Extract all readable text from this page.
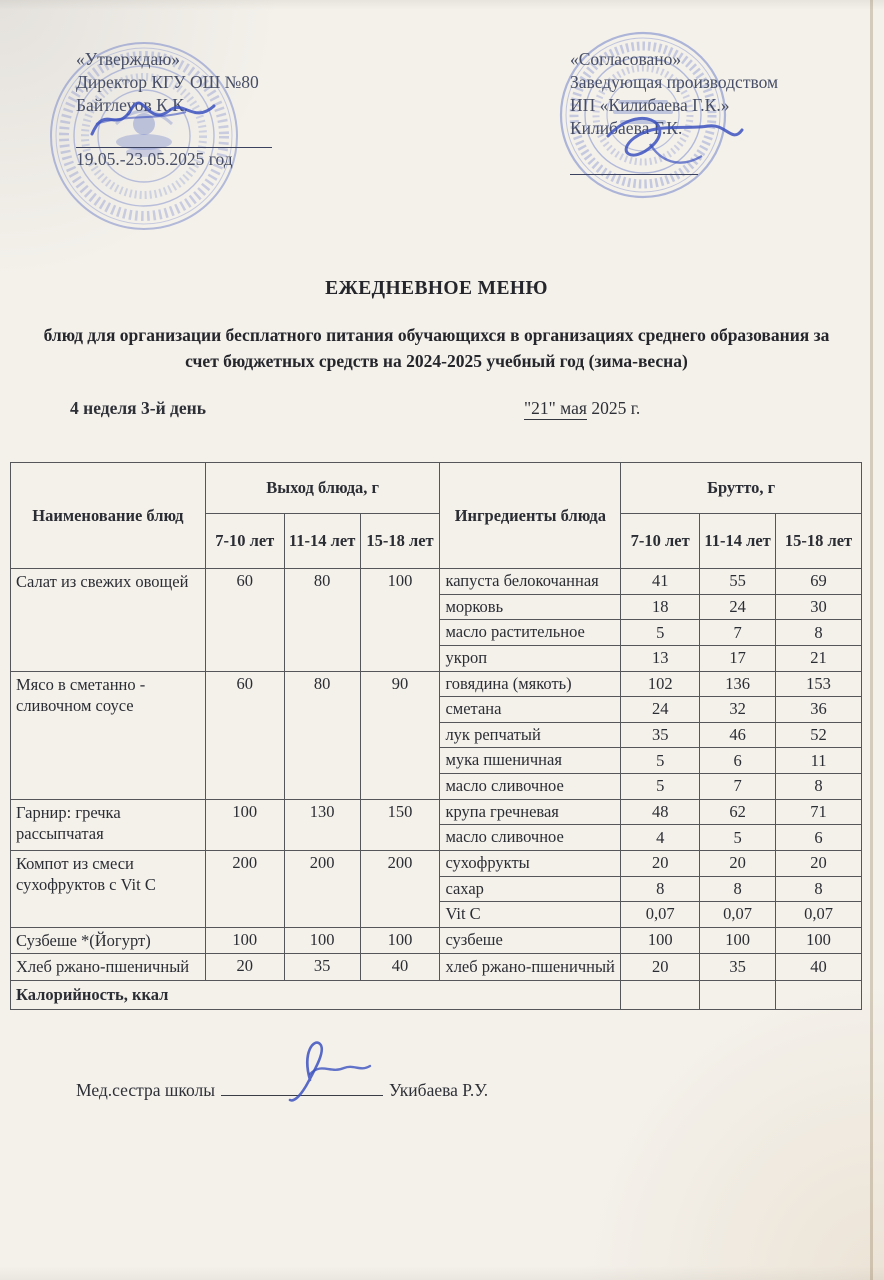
«Утверждаю»
Директор КГУ ОШ №80
Байтлеуов К.К.
19.05.-23.05.2025 год
«Согласовано»
Заведующая производством
ИП «Килибаева Г.К.»
Килибаева Г.К.
ЕЖЕДНЕВНОЕ МЕНЮ
блюд для организации бесплатного питания обучающихся в организациях среднего образования за счет бюджетных средств на 2024-2025 учебный год (зима-весна)
4 неделя 3-й день	"21" мая 2025 г.
Наименование блюд	Выход блюда, г			Ингредиенты блюда	Брутто, г		
	7-10 лет	11-14 лет	15-18 лет		7-10 лет	11-14 лет	15-18 лет
Салат из свежих овощей	60	80	100	капуста белокочанная	41	55	69
				морковь	18	24	30
				масло растительное	5	7	8
				укроп	13	17	21
Мясо в сметанно - сливочном соусе	60	80	90	говядина (мякоть)	102	136	153
				сметана	24	32	36
				лук репчатый	35	46	52
				мука пшеничная	5	6	11
				масло сливочное	5	7	8
Гарнир: гречка рассыпчатая	100	130	150	крупа гречневая	48	62	71
				масло сливочное	4	5	6
Компот из смеси сухофруктов с Vit C	200	200	200	сухофрукты	20	20	20
				сахар	8	8	8
				Vit C	0,07	0,07	0,07
Сузбеше *(Йогурт)	100	100	100	сузбеше	100	100	100
Хлеб ржано-пшеничный	20	35	40	хлеб ржано-пшеничный	20	35	40
Калорийность, ккал							
Мед.сестра школы	Укибаева Р.У.
